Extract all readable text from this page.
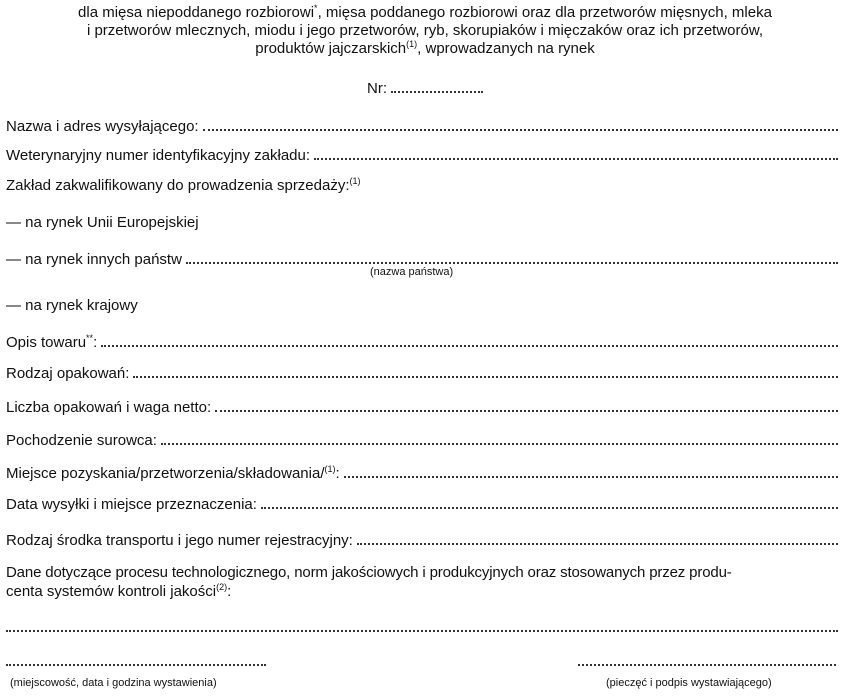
dla mięsa niepoddanego rozbiorowi*, mięsa poddanego rozbiorowi oraz dla przetworów mięsnych, mleka
i przetworów mlecznych, miodu i jego przetworów, ryb, skorupiaków i mięczaków oraz ich przetworów,
produktów jajczarskich$^{(1)}$, wprowadzanych na rynek
Nr:
Nazwa i adres wysyłającego:
Weterynaryjny numer identyfikacyjny zakładu:
Zakład zakwalifikowany do prowadzenia sprzedaży:$^{(1)}$
— na rynek Unii Europejskiej
— na rynek innych państw
(nazwa państwa)
— na rynek krajowy
Opis towaru**:
Rodzaj opakowań:
Liczba opakowań i waga netto:
Pochodzenie surowca:
Miejsce pozyskania/przetworzenia/składowania/$^{(1)}$:
Data wysyłki i miejsce przeznaczenia:
Rodzaj środka transportu i jego numer rejestracyjny:
Dane dotyczące procesu technologicznego, norm jakościowych i produkcyjnych oraz stosowanych przez produ-
centa systemów kontroli jakości$^{(2)}$:
(miejscowość, data i godzina wystawienia)	(pieczęć i podpis wystawiającego)
